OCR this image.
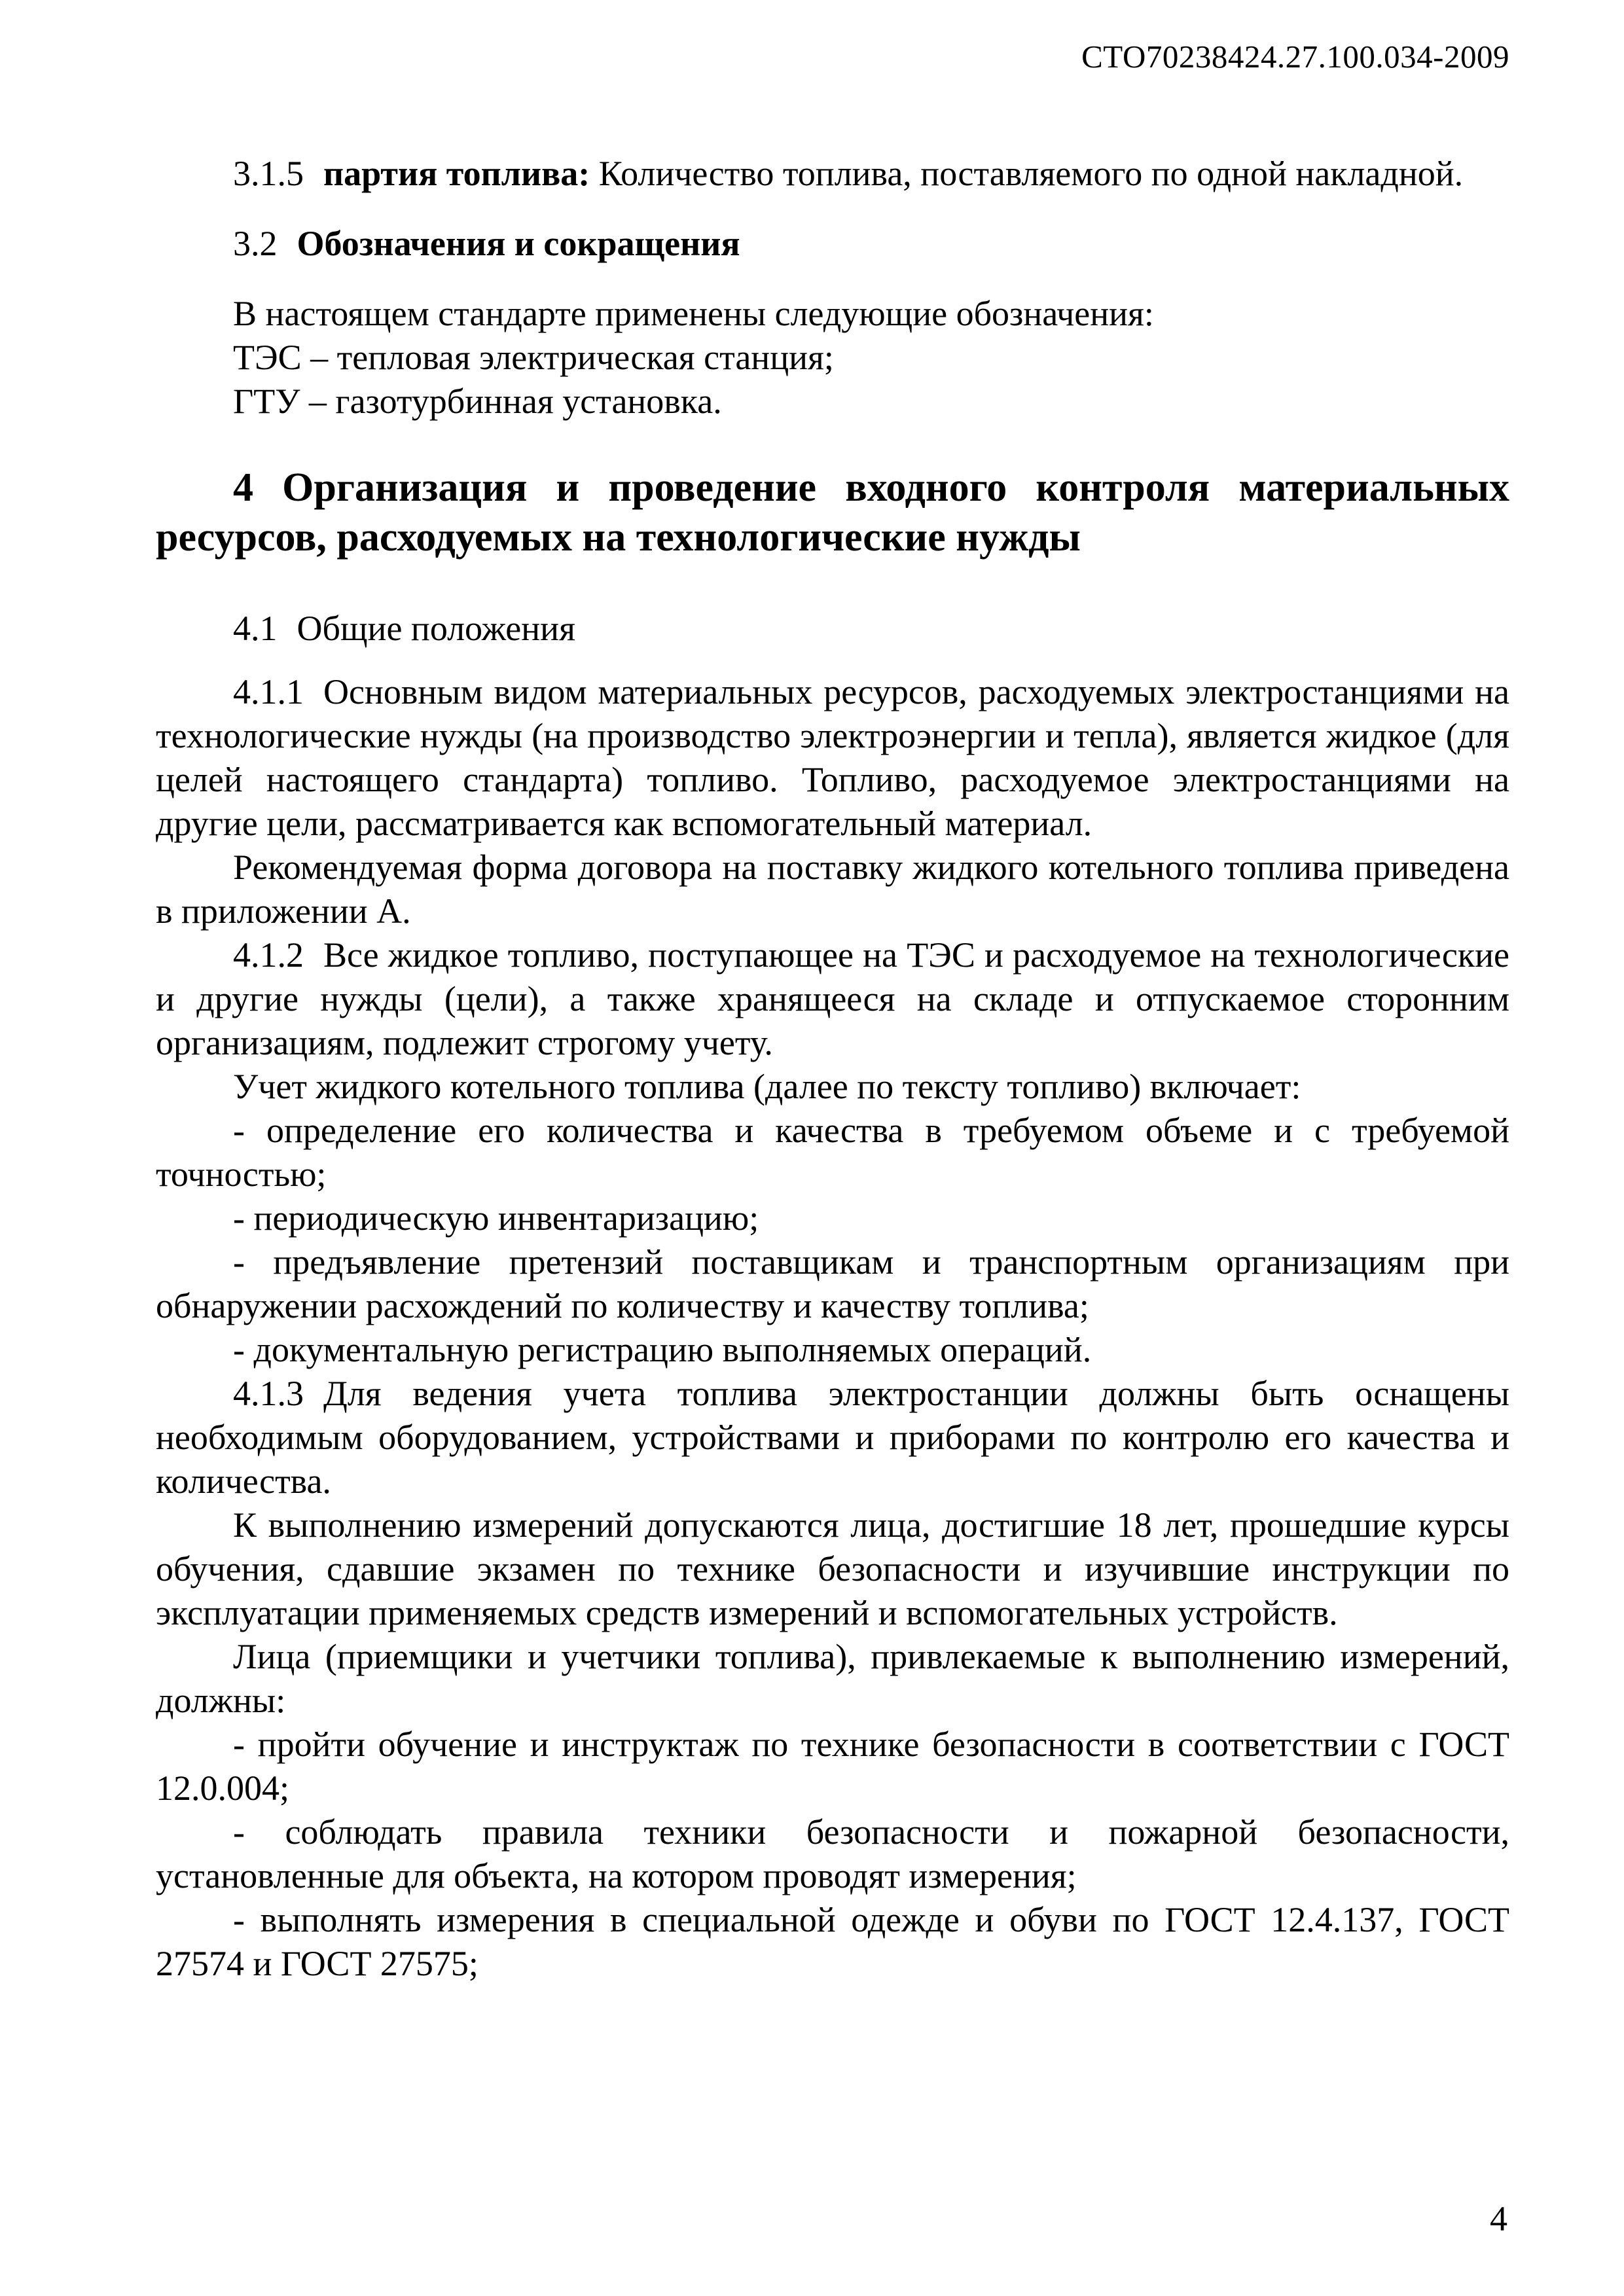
СТО70238424.27.100.034-2009

3.1.5 партия топлива: Количество топлива, поставляемого по одной накладной.

3.2 Обозначения и сокращения

В настоящем стандарте применены следующие обозначения:

ТЭС – тепловая электрическая станция;

ГТУ – газотурбинная установка.

4 Организация и проведение входного контроля материальных ресурсов, расходуемых на технологические нужды

4.1 Общие положения

4.1.1 Основным видом материальных ресурсов, расходуемых электростанциями на технологические нужды (на производство электроэнергии и тепла), является жидкое (для целей настоящего стандарта) топливо. Топливо, расходуемое электростанциями на другие цели, рассматривается как вспомогательный материал.

Рекомендуемая форма договора на поставку жидкого котельного топлива приведена в приложении А.

4.1.2 Все жидкое топливо, поступающее на ТЭС и расходуемое на технологические и другие нужды (цели), а также хранящееся на складе и отпускаемое сторонним организациям, подлежит строгому учету.

Учет жидкого котельного топлива (далее по тексту топливо) включает:

- определение его количества и качества в требуемом объеме и с требуемой точностью;

- периодическую инвентаризацию;

- предъявление претензий поставщикам и транспортным организациям при обнаружении расхождений по количеству и качеству топлива;

- документальную регистрацию выполняемых операций.

4.1.3 Для ведения учета топлива электростанции должны быть оснащены необходимым оборудованием, устройствами и приборами по контролю его качества и количества.

К выполнению измерений допускаются лица, достигшие 18 лет, прошедшие курсы обучения, сдавшие экзамен по технике безопасности и изучившие инструкции по эксплуатации применяемых средств измерений и вспомогательных устройств.

Лица (приемщики и учетчики топлива), привлекаемые к выполнению измерений, должны:

- пройти обучение и инструктаж по технике безопасности в соответствии с ГОСТ 12.0.004;

- соблюдать правила техники безопасности и пожарной безопасности, установленные для объекта, на котором проводят измерения;

- выполнять измерения в специальной одежде и обуви по ГОСТ 12.4.137, ГОСТ 27574 и ГОСТ 27575;

4
